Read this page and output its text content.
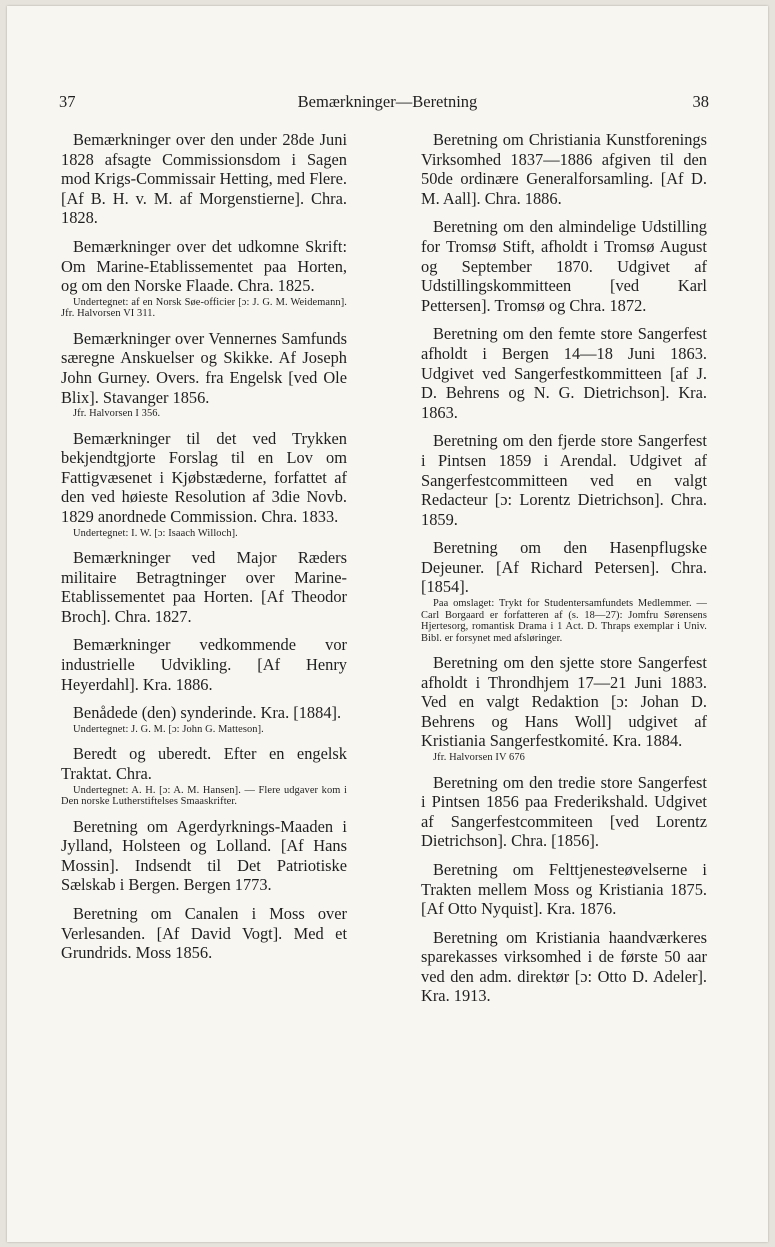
37	Bemærkninger—Beretning	38
Bemærkninger over den under 28de Juni 1828 afsagte Commissionsdom i Sagen mod Krigs-Commissair Hetting, med Flere. [Af B. H. v. M. af Morgenstierne]. Chra. 1828.
Bemærkninger over det udkomne Skrift: Om Marine-Etablissementet paa Horten, og om den Norske Flaade. Chra. 1825.
Undertegnet: af en Norsk Søe-officier [ɔ: J. G. M. Weidemann]. Jfr. Halvorsen VI 311.
Bemærkninger over Vennernes Samfunds særegne Anskuelser og Skikke. Af Joseph John Gurney. Overs. fra Engelsk [ved Ole Blix]. Stavanger 1856.
Jfr. Halvorsen I 356.
Bemærkninger til det ved Trykken bekjendtgjorte Forslag til en Lov om Fattigvæsenet i Kjøbstæderne, forfattet af den ved høieste Resolution af 3die Novb. 1829 anordnede Commission. Chra. 1833.
Undertegnet: I. W. [ɔ: Isaach Willoch].
Bemærkninger ved Major Ræders militaire Betragtninger over Marine-Etablissementet paa Horten. [Af Theodor Broch]. Chra. 1827.
Bemærkninger vedkommende vor industrielle Udvikling. [Af Henry Heyerdahl]. Kra. 1886.
Benådede (den) synderinde. Kra. [1884].
Undertegnet: J. G. M. [ɔ: John G. Matteson].
Beredt og uberedt. Efter en engelsk Traktat. Chra.
Undertegnet: A. H. [ɔ: A. M. Hansen]. — Flere udgaver kom i Den norske Lutherstiftelses Smaaskrifter.
Beretning om Agerdyrknings-Maaden i Jylland, Holsteen og Lolland. [Af Hans Mossin]. Indsendt til Det Patriotiske Sælskab i Bergen. Bergen 1773.
Beretning om Canalen i Moss over Verlesanden. [Af David Vogt]. Med et Grundrids. Moss 1856.
Beretning om Christiania Kunstforenings Virksomhed 1837—1886 afgiven til den 50de ordinære Generalforsamling. [Af D. M. Aall]. Chra. 1886.
Beretning om den almindelige Udstilling for Tromsø Stift, afholdt i Tromsø August og September 1870. Udgivet af Udstillingskommitteen [ved Karl Pettersen]. Tromsø og Chra. 1872.
Beretning om den femte store Sangerfest afholdt i Bergen 14—18 Juni 1863. Udgivet ved Sangerfestkommitteen [af J. D. Behrens og N. G. Dietrichson]. Kra. 1863.
Beretning om den fjerde store Sangerfest i Pintsen 1859 i Arendal. Udgivet af Sangerfestcommitteen ved en valgt Redacteur [ɔ: Lorentz Dietrichson]. Chra. 1859.
Beretning om den Hasenpflugske Dejeuner. [Af Richard Petersen]. Chra. [1854].
Paa omslaget: Trykt for Studentersamfundets Medlemmer. — Carl Borgaard er forfatteren af (s. 18—27): Jomfru Sørensens Hjertesorg, romantisk Drama i 1 Act. D. Thraps exemplar i Univ. Bibl. er forsynet med afsløringer.
Beretning om den sjette store Sangerfest afholdt i Throndhjem 17—21 Juni 1883. Ved en valgt Redaktion [ɔ: Johan D. Behrens og Hans Woll] udgivet af Kristiania Sangerfestkomité. Kra. 1884.
Jfr. Halvorsen IV 676
Beretning om den tredie store Sangerfest i Pintsen 1856 paa Frederikshald. Udgivet af Sangerfestcommiteen [ved Lorentz Dietrichson]. Chra. [1856].
Beretning om Felttjenesteøvelserne i Trakten mellem Moss og Kristiania 1875. [Af Otto Nyquist]. Kra. 1876.
Beretning om Kristiania haandværkeres sparekasses virksomhed i de første 50 aar ved den adm. direktør [ɔ: Otto D. Adeler]. Kra. 1913.
